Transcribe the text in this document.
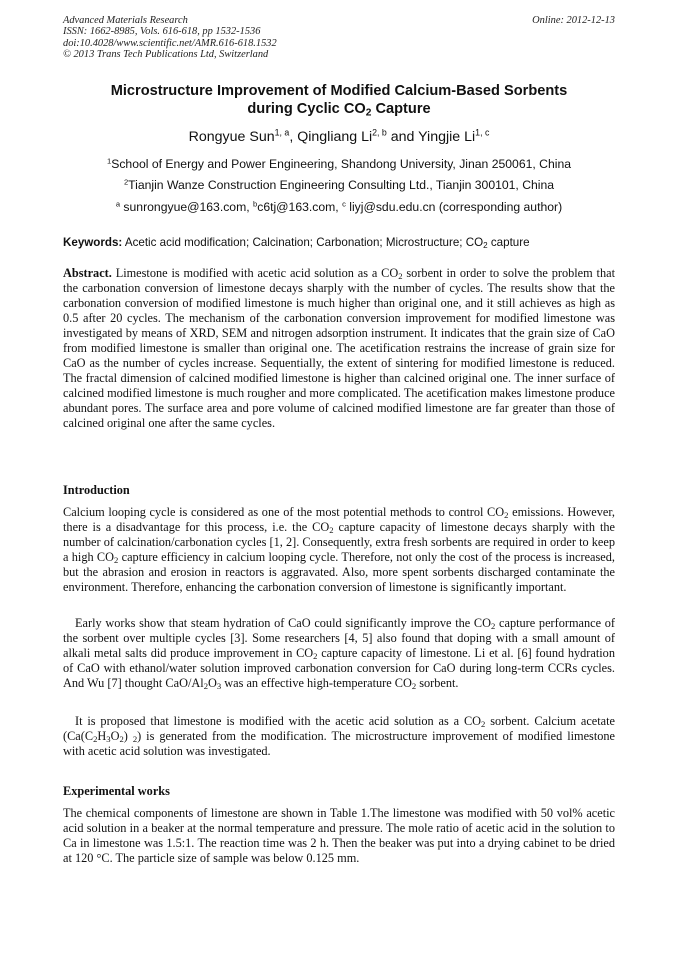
Advanced Materials Research
ISSN: 1662-8985, Vols. 616-618, pp 1532-1536
doi:10.4028/www.scientific.net/AMR.616-618.1532
© 2013 Trans Tech Publications Ltd, Switzerland
Online: 2012-12-13
Microstructure Improvement of Modified Calcium-Based Sorbents
during Cyclic $CO_2$ Capture
Rongyue Sun$^{1, a}$, Qingliang Li$^{2, b}$ and Yingjie Li$^{1, c}$
$^1$School of Energy and Power Engineering, Shandong University, Jinan 250061, China
$^2$Tianjin Wanze Construction Engineering Consulting Ltd., Tianjin 300101, China
$^a$ sunrongyue@163.com, $^b$c6tj@163.com, $^c$ liyj@sdu.edu.cn (corresponding author)
Keywords: Acetic acid modification; Calcination; Carbonation; Microstructure; $CO_2$ capture
Abstract. Limestone is modified with acetic acid solution as a $CO_2$ sorbent in order to solve the problem that the carbonation conversion of limestone decays sharply with the number of cycles. The results show that the carbonation conversion of modified limestone is much higher than original one, and it still achieves as high as 0.5 after 20 cycles. The mechanism of the carbonation conversion improvement for modified limestone was investigated by means of XRD, SEM and nitrogen adsorption instrument. It indicates that the grain size of CaO from modified limestone is smaller than original one. The acetification restrains the increase of grain size for CaO as the number of cycles increase. Sequentially, the extent of sintering for modified limestone is reduced. The fractal dimension of calcined modified limestone is higher than calcined original one. The inner surface of calcined modified limestone is much rougher and more complicated. The acetification makes limestone produce abundant pores. The surface area and pore volume of calcined modified limestone are far greater than those of calcined original one after the same cycles.
Introduction
Calcium looping cycle is considered as one of the most potential methods to control $CO_2$ emissions. However, there is a disadvantage for this process, i.e. the $CO_2$ capture capacity of limestone decays sharply with the number of calcination/carbonation cycles [1, 2]. Consequently, extra fresh sorbents are required in order to keep a high $CO_2$ capture efficiency in calcium looping cycle. Therefore, not only the cost of the process is increased, but the abrasion and erosion in reactors is aggravated. Also, more spent sorbents discharged contaminate the environment. Therefore, enhancing the carbonation conversion of limestone is significantly important.
Early works show that steam hydration of CaO could significantly improve the $CO_2$ capture performance of the sorbent over multiple cycles [3]. Some researchers [4, 5] also found that doping with a small amount of alkali metal salts did produce improvement in $CO_2$ capture capacity of limestone. Li et al. [6] found hydration of CaO with ethanol/water solution improved carbonation conversion for CaO during long-term CCRs cycles. And Wu [7] thought CaO/$Al_2O_3$ was an effective high-temperature $CO_2$ sorbent.
It is proposed that limestone is modified with the acetic acid solution as a $CO_2$ sorbent. Calcium acetate ($Ca(C_2H_3O_2)$ $_2$) is generated from the modification. The microstructure improvement of modified limestone with acetic acid solution was investigated.
Experimental works
The chemical components of limestone are shown in Table 1.The limestone was modified with 50 vol% acetic acid solution in a beaker at the normal temperature and pressure. The mole ratio of acetic acid in the solution to Ca in limestone was 1.5:1. The reaction time was 2 h. Then the beaker was put into a drying cabinet to be dried at 120 °C. The particle size of sample was below 0.125 mm.
